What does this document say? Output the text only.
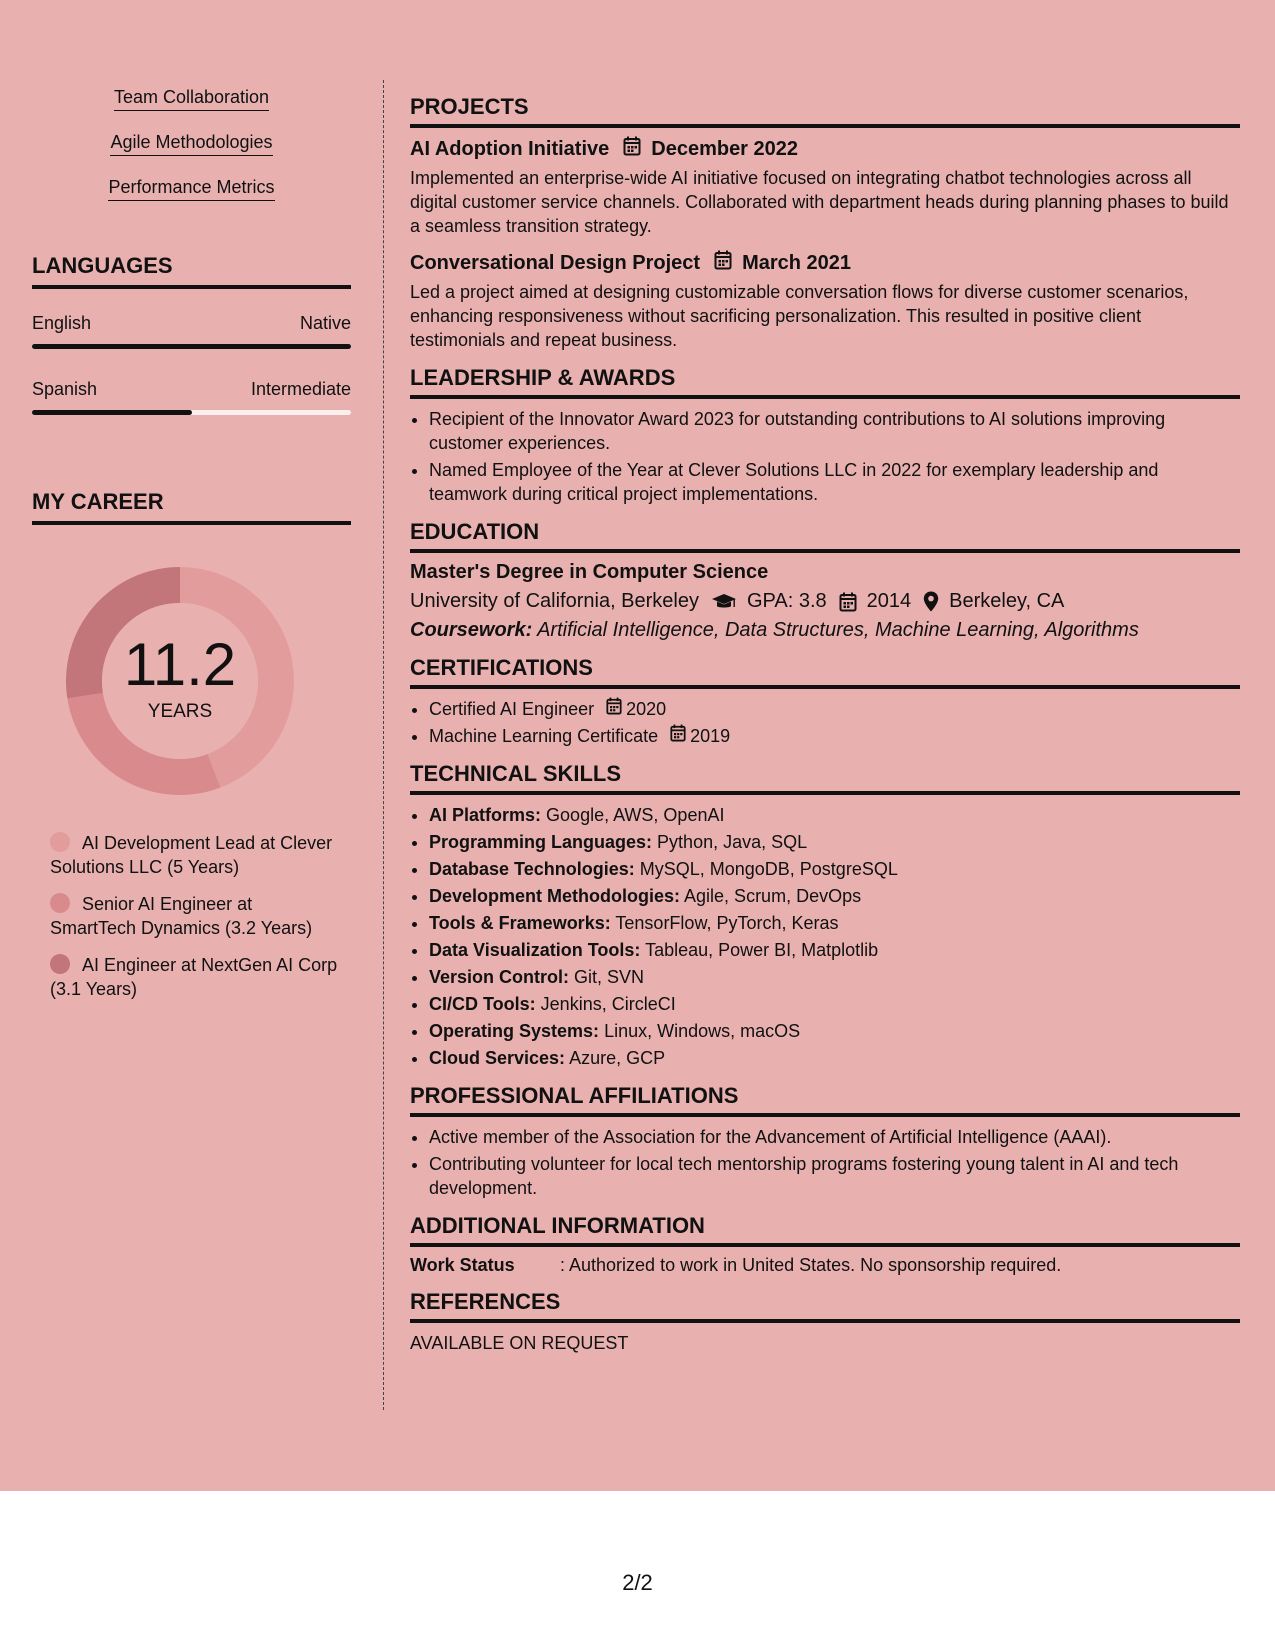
Team Collaboration
Agile Methodologies
Performance Metrics
LANGUAGES
English	Native
Spanish	Intermediate
MY CAREER
11.2
YEARS
AI Development Lead at Clever Solutions LLC (5 Years)
Senior AI Engineer at SmartTech Dynamics (3.2 Years)
AI Engineer at NextGen AI Corp (3.1 Years)
PROJECTS
AI Adoption Initiative December 2022
Implemented an enterprise-wide AI initiative focused on integrating chatbot technologies across all digital customer service channels. Collaborated with department heads during planning phases to build a seamless transition strategy.
Conversational Design Project March 2021
Led a project aimed at designing customizable conversation flows for diverse customer scenarios, enhancing responsiveness without sacrificing personalization. This resulted in positive client testimonials and repeat business.
LEADERSHIP & AWARDS
• Recipient of the Innovator Award 2023 for outstanding contributions to AI solutions improving customer experiences.
• Named Employee of the Year at Clever Solutions LLC in 2022 for exemplary leadership and teamwork during critical project implementations.
EDUCATION
Master's Degree in Computer Science
University of California, Berkeley GPA: 3.8 2014 Berkeley, CA
Coursework: Artificial Intelligence, Data Structures, Machine Learning, Algorithms
CERTIFICATIONS
• Certified AI Engineer 2020
• Machine Learning Certificate 2019
TECHNICAL SKILLS
• AI Platforms: Google, AWS, OpenAI
• Programming Languages: Python, Java, SQL
• Database Technologies: MySQL, MongoDB, PostgreSQL
• Development Methodologies: Agile, Scrum, DevOps
• Tools & Frameworks: TensorFlow, PyTorch, Keras
• Data Visualization Tools: Tableau, Power BI, Matplotlib
• Version Control: Git, SVN
• CI/CD Tools: Jenkins, CircleCI
• Operating Systems: Linux, Windows, macOS
• Cloud Services: Azure, GCP
PROFESSIONAL AFFILIATIONS
• Active member of the Association for the Advancement of Artificial Intelligence (AAAI).
• Contributing volunteer for local tech mentorship programs fostering young talent in AI and tech development.
ADDITIONAL INFORMATION
Work Status	: Authorized to work in United States. No sponsorship required.
REFERENCES
AVAILABLE ON REQUEST
2/2
